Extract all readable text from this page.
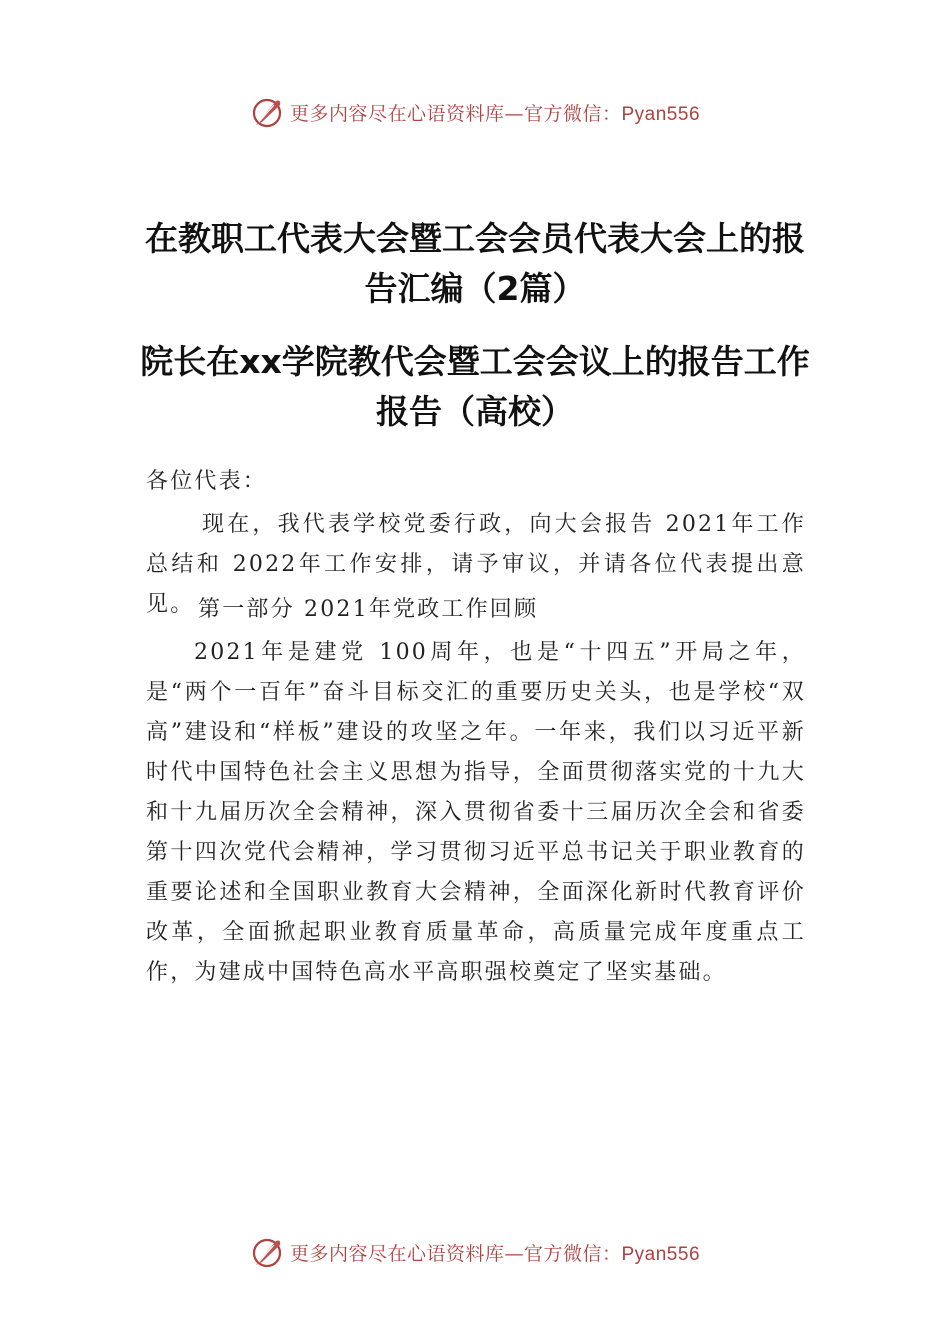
更多内容尽在心语资料库—官方微信：Pyan556
在教职工代表大会暨工会会员代表大会上的报告汇编（2篇）
院长在xx学院教代会暨工会会议上的报告工作报告（高校）
各位代表：
现在，我代表学校党委行政，向大会报告 2021年工作总结和 2022年工作安排，请予审议，并请各位代表提出意见。 第一部分 2021年党政工作回顾
2021年是建党 100周年，也是“十四五”开局之年，是“两个一百年”奋斗目标交汇的重要历史关头，也是学校“双高”建设和“样板”建设的攻坚之年。一年来，我们以习近平新时代中国特色社会主义思想为指导，全面贯彻落实党的十九大和十九届历次全会精神，深入贯彻省委十三届历次全会和省委第十四次党代会精神，学习贯彻习近平总书记关于职业教育的重要论述和全国职业教育大会精神，全面深化新时代教育评价改革，全面掀起职业教育质量革命，高质量完成年度重点工作，为建成中国特色高水平高职强校奠定了坚实基础。
更多内容尽在心语资料库—官方微信：Pyan556
